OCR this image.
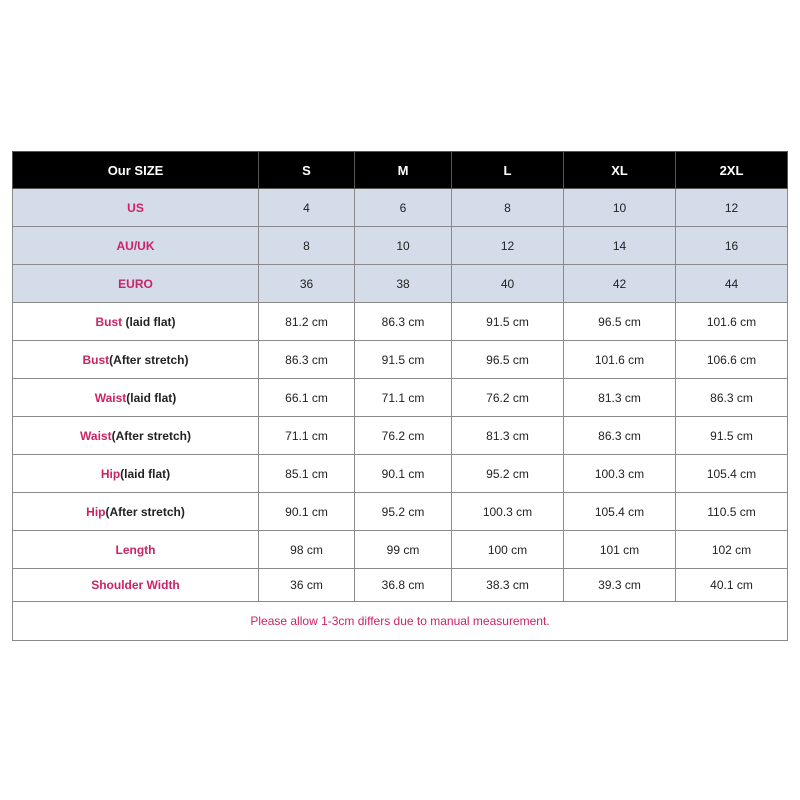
Our SIZE	S	M	L	XL	2XL
US	4	6	8	10	12
AU/UK	8	10	12	14	16
EURO	36	38	40	42	44
Bust (laid flat)	81.2 cm	86.3 cm	91.5 cm	96.5 cm	101.6 cm
Bust(After stretch)	86.3 cm	91.5 cm	96.5 cm	101.6 cm	106.6 cm
Waist(laid flat)	66.1 cm	71.1 cm	76.2 cm	81.3 cm	86.3 cm
Waist(After stretch)	71.1 cm	76.2 cm	81.3 cm	86.3 cm	91.5 cm
Hip(laid flat)	85.1 cm	90.1 cm	95.2 cm	100.3 cm	105.4 cm
Hip(After stretch)	90.1 cm	95.2 cm	100.3 cm	105.4 cm	110.5 cm
Length	98 cm	99 cm	100 cm	101 cm	102 cm
Shoulder Width	36 cm	36.8 cm	38.3 cm	39.3 cm	40.1 cm
Please allow 1-3cm differs due to manual measurement.					
